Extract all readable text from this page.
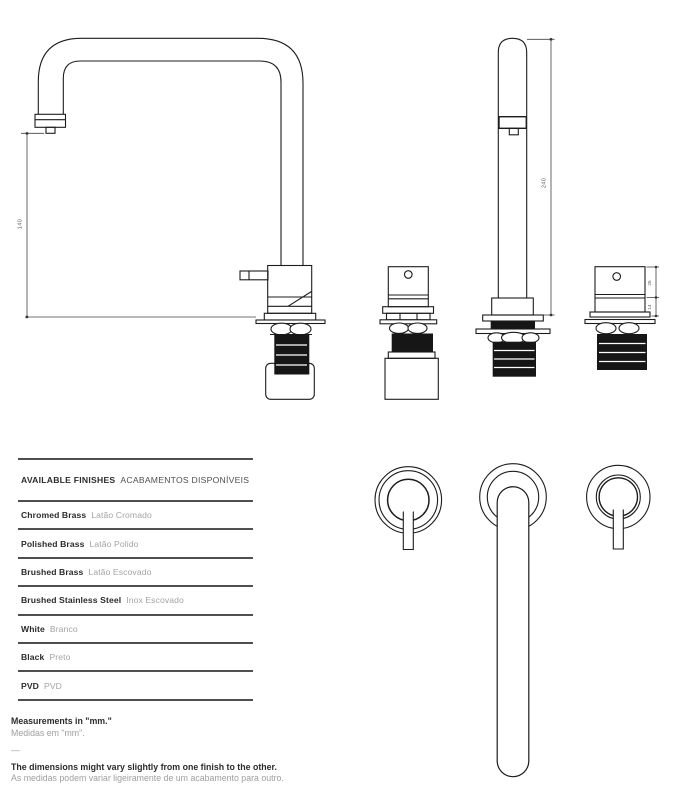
140
240
26
14
AVAILABLE FINISHES ACABAMENTOS DISPONÍVEIS
Chromed Brass Latão Cromado
Polished Brass Latão Polido
Brushed Brass Latão Escovado
Brushed Stainless Steel Inox Escovado
White Branco
Black Preto
PVD PVD
Measurements in "mm."
Medidas em "mm".
—
The dimensions might vary slightly from one finish to the other.
As medidas podem variar ligeiramente de um acabamento para outro.
